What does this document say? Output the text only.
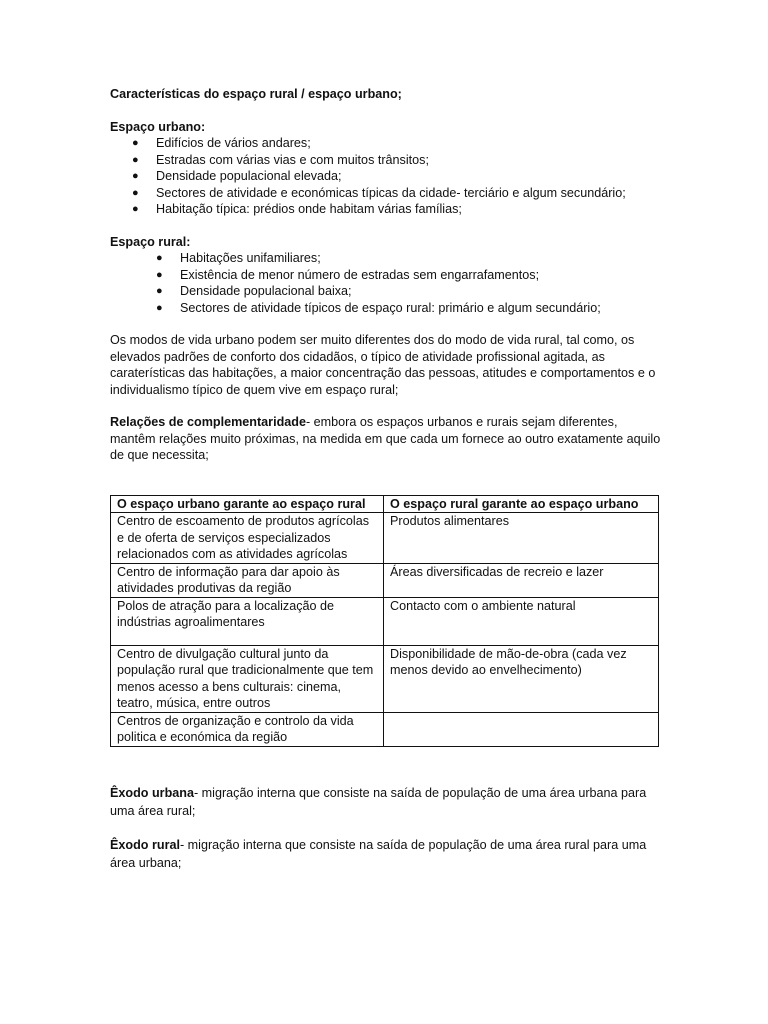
Características do espaço rural / espaço urbano;
Espaço urbano:
● Edifícios de vários andares;
● Estradas com várias vias e com muitos trânsitos;
● Densidade populacional elevada;
● Sectores de atividade e económicas típicas da cidade- terciário e algum secundário;
● Habitação típica: prédios onde habitam várias famílias;
Espaço rural:
● Habitações unifamiliares;
● Existência de menor número de estradas sem engarrafamentos;
● Densidade populacional baixa;
● Sectores de atividade típicos de espaço rural: primário e algum secundário;

Os modos de vida urbano podem ser muito diferentes dos do modo de vida rural, tal como, os elevados padrões de conforto dos cidadãos, o típico de atividade profissional agitada, as caraterísticas das habitações, a maior concentração das pessoas, atitudes e comportamentos e o individualismo típico de quem vive em espaço rural;

Relações de complementaridade- embora os espaços urbanos e rurais sejam diferentes, mantêm relações muito próximas, na medida em que cada um fornece ao outro exatamente aquilo de que necessita;

O espaço urbano garante ao espaço rural	O espaço rural garante ao espaço urbano
Centro de escoamento de produtos agrícolas e de oferta de serviços especializados relacionados com as atividades agrícolas	Produtos alimentares
Centro de informação para dar apoio às atividades produtivas da região	Áreas diversificadas de recreio e lazer
Polos de atração para a localização de indústrias agroalimentares	Contacto com o ambiente natural
Centro de divulgação cultural junto da população rural que tradicionalmente que tem menos acesso a bens culturais: cinema, teatro, música, entre outros	Disponibilidade de mão-de-obra (cada vez menos devido ao envelhecimento)
Centros de organização e controlo da vida politica e económica da região	

Êxodo urbana- migração interna que consiste na saída de população de uma área urbana para uma área rural;

Êxodo rural- migração interna que consiste na saída de população de uma área rural para uma área urbana;
